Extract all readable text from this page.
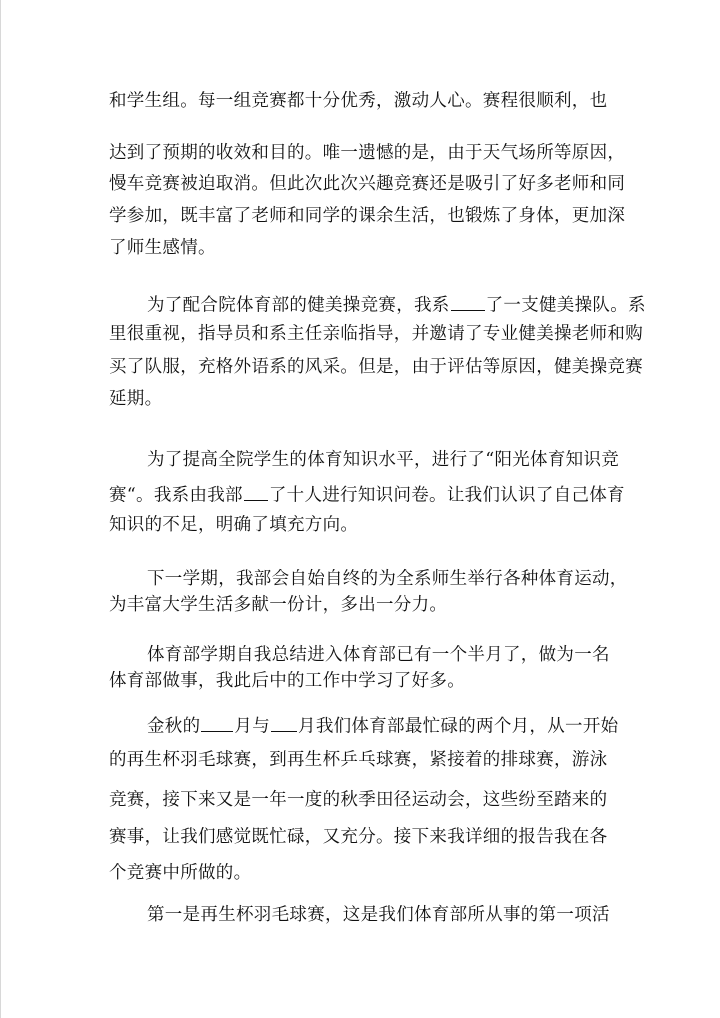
和学生组。每一组竞赛都十分优秀，激动人心。赛程很顺利，也
达到了预期的收效和目的。唯一遗憾的是，由于天气场所等原因，
慢车竞赛被迫取消。但此次此次兴趣竞赛还是吸引了好多老师和同
学参加，既丰富了老师和同学的课余生活，也锻炼了身体，更加深
了师生感情。
为了配合院体育部的健美操竞赛，我系 了一支健美操队。系
里很重视，指导员和系主任亲临指导，并邀请了专业健美操老师和购
买了队服，充格外语系的风采。但是，由于评估等原因，健美操竞赛
延期。
为了提高全院学生的体育知识水平，进行了“阳光体育知识竞
赛“。我系由我部 了十人进行知识问卷。让我们认识了自己体育
知识的不足，明确了填充方向。
下一学期，我部会自始自终的为全系师生举行各种体育运动，
为丰富大学生活多献一份计，多出一分力。
体育部学期自我总结进入体育部已有一个半月了，做为一名
体育部做事，我此后中的工作中学习了好多。
金秋的 月与 月我们体育部最忙碌的两个月，从一开始
的再生杯羽毛球赛，到再生杯乒乓球赛，紧接着的排球赛，游泳
竞赛，接下来又是一年一度的秋季田径运动会，这些纷至踏来的
赛事，让我们感觉既忙碌，又充分。接下来我详细的报告我在各
个竞赛中所做的。
第一是再生杯羽毛球赛，这是我们体育部所从事的第一项活
